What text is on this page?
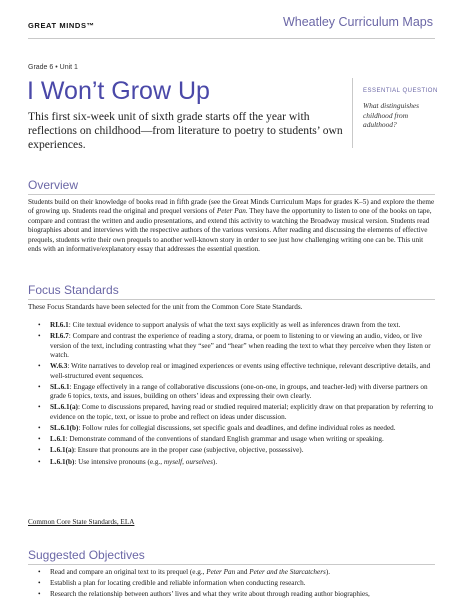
GREAT MINDS™	Wheatley Curriculum Maps
Grade 6 • Unit 1
I Won’t Grow Up
This first six-week unit of sixth grade starts off the year with reflections on childhood—from literature to poetry to students’ own experiences.
ESSENTIAL QUESTION
What distinguishes childhood from adulthood?
Overview
Students build on their knowledge of books read in fifth grade (see the Great Minds Curriculum Maps for grades K–5) and explore the theme of growing up. Students read the original and prequel versions of Peter Pan. They have the opportunity to listen to one of the books on tape, compare and contrast the written and audio presentations, and extend this activity to watching the Broadway musical version. Students read biographies about and interviews with the respective authors of the various versions. After reading and discussing the elements of effective prequels, students write their own prequels to another well-known story in order to see just how challenging writing one can be. This unit ends with an informative/explanatory essay that addresses the essential question.
Focus Standards
These Focus Standards have been selected for the unit from the Common Core State Standards.
• RI.6.1: Cite textual evidence to support analysis of what the text says explicitly as well as inferences drawn from the text.
• RI.6.7: Compare and contrast the experience of reading a story, drama, or poem to listening to or viewing an audio, video, or live version of the text, including contrasting what they “see” and “hear” when reading the text to what they perceive when they listen or watch.
• W.6.3: Write narratives to develop real or imagined experiences or events using effective technique, relevant descriptive details, and well-structured event sequences.
• SL.6.1: Engage effectively in a range of collaborative discussions (one-on-one, in groups, and teacher-led) with diverse partners on grade 6 topics, texts, and issues, building on others’ ideas and expressing their own clearly.
• SL.6.1(a): Come to discussions prepared, having read or studied required material; explicitly draw on that preparation by referring to evidence on the topic, text, or issue to probe and reflect on ideas under discussion.
• SL.6.1(b): Follow rules for collegial discussions, set specific goals and deadlines, and define individual roles as needed.
• L.6.1: Demonstrate command of the conventions of standard English grammar and usage when writing or speaking.
• L.6.1(a): Ensure that pronouns are in the proper case (subjective, objective, possessive).
• L.6.1(b): Use intensive pronouns (e.g., myself, ourselves).
Common Core State Standards, ELA
Suggested Objectives
• Read and compare an original text to its prequel (e.g., Peter Pan and Peter and the Starcatchers).
• Establish a plan for locating credible and reliable information when conducting research.
• Research the relationship between authors’ lives and what they write about through reading author biographies,
